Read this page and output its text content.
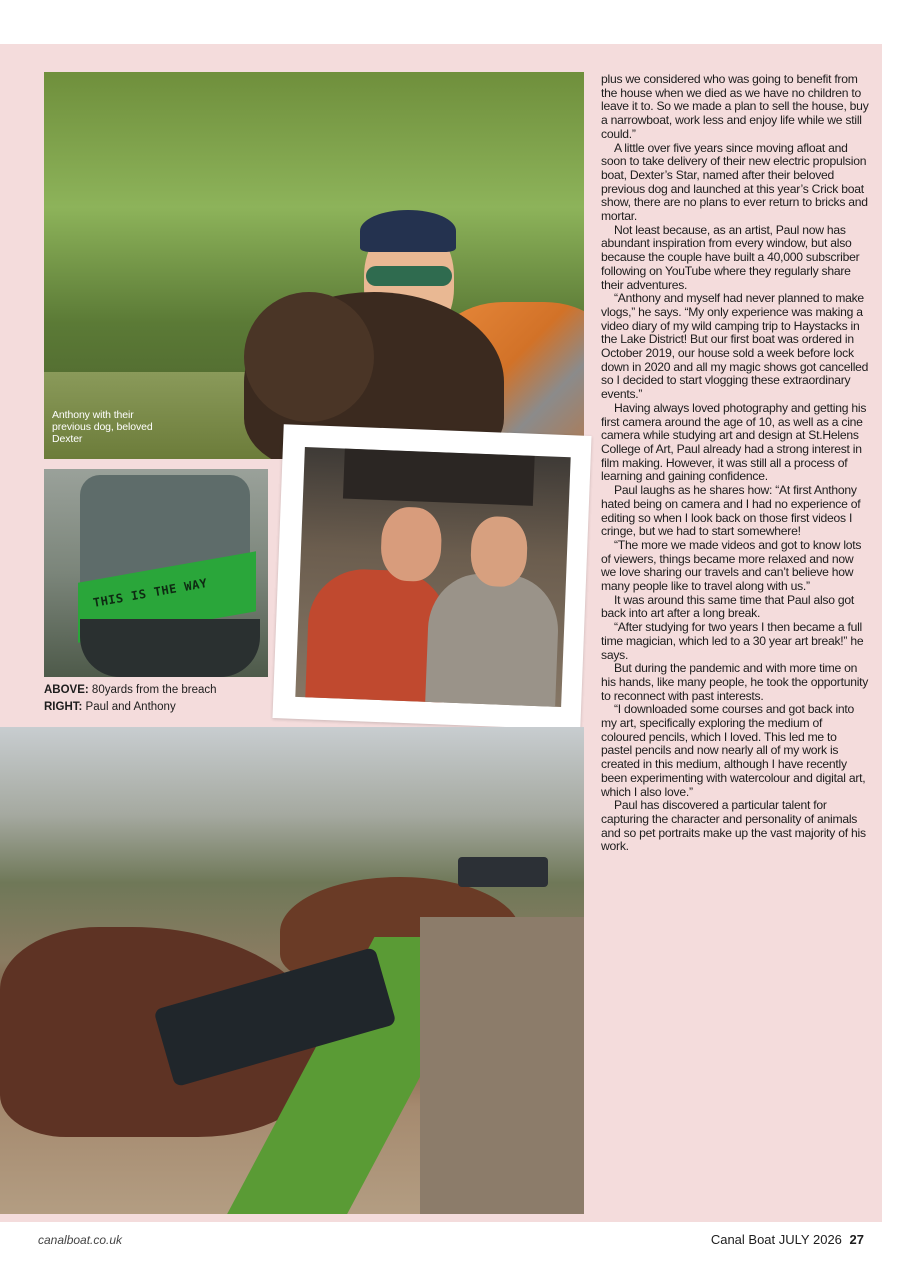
Anthony with their previous dog, beloved Dexter
THIS IS THE WAY
ABOVE: 80yards from the breach
RIGHT: Paul and Anthony

plus we considered who was going to benefit from the house when we died as we have no children to leave it to. So we made a plan to sell the house, buy a narrowboat, work less and enjoy life while we still could.”

A little over five years since moving afloat and soon to take delivery of their new electric propulsion boat, Dexter’s Star, named after their beloved previous dog and launched at this year’s Crick boat show, there are no plans to ever return to bricks and mortar.

Not least because, as an artist, Paul now has abundant inspiration from every window, but also because the couple have built a 40,000 subscriber following on YouTube where they regularly share their adventures.

“Anthony and myself had never planned to make vlogs,” he says. “My only experience was making a video diary of my wild camping trip to Haystacks in the Lake District! But our first boat was ordered in October 2019, our house sold a week before lock down in 2020 and all my magic shows got cancelled so I decided to start vlogging these extraordinary events.”

Having always loved photography and getting his first camera around the age of 10, as well as a cine camera while studying art and design at St.Helens College of Art, Paul already had a strong interest in film making. However, it was still all a process of learning and gaining confidence.

Paul laughs as he shares how: “At first Anthony hated being on camera and I had no experience of editing so when I look back on those first videos I cringe, but we had to start somewhere!

“The more we made videos and got to know lots of viewers, things became more relaxed and now we love sharing our travels and can’t believe how many people like to travel along with us.”

It was around this same time that Paul also got back into art after a long break.

“After studying for two years I then became a full time magician, which led to a 30 year art break!” he says.

But during the pandemic and with more time on his hands, like many people, he took the opportunity to reconnect with past interests.

“I downloaded some courses and got back into my art, specifically exploring the medium of coloured pencils, which I loved. This led me to pastel pencils and now nearly all of my work is created in this medium, although I have recently been experimenting with watercolour and digital art, which I also love.”

Paul has discovered a particular talent for capturing the character and personality of animals and so pet portraits make up the vast majority of his work.

canalboat.co.uk	Canal Boat JULY 2026 27
